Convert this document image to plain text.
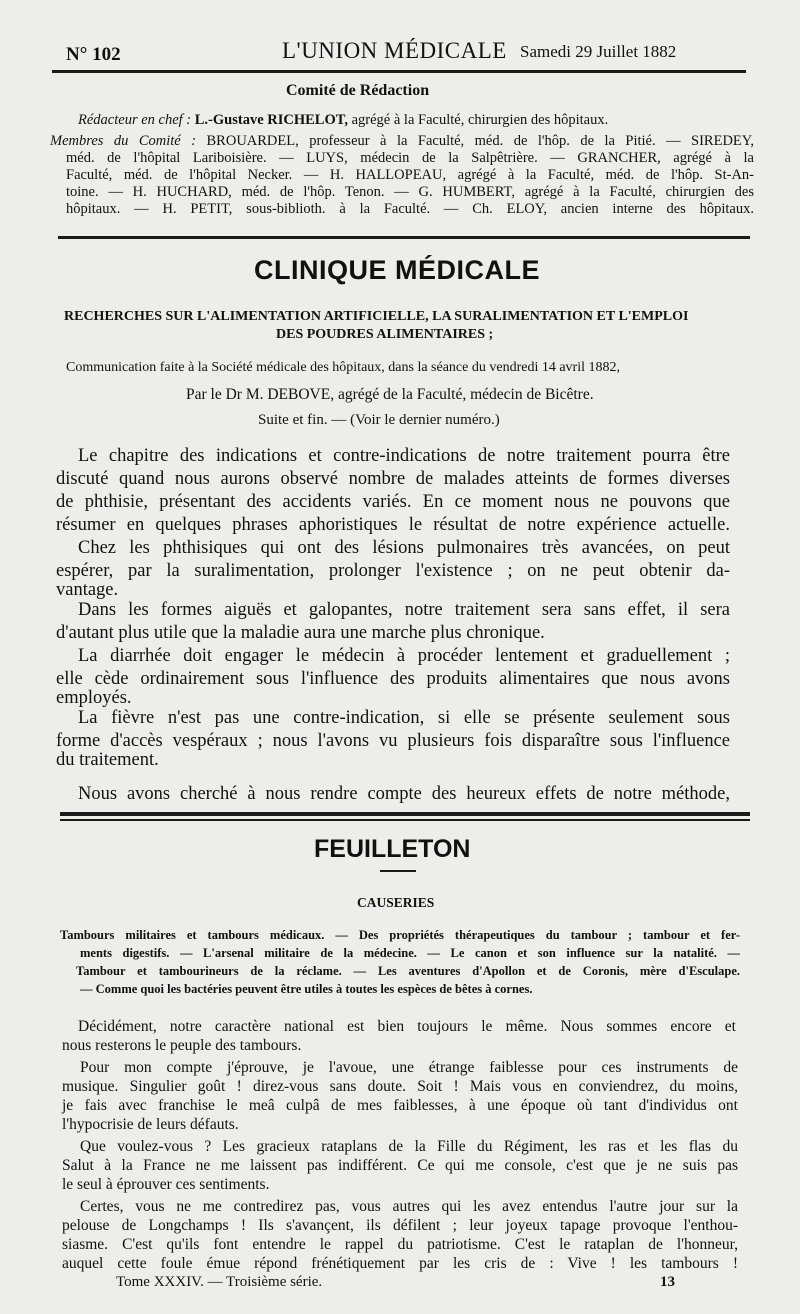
N° 102	L'UNION MÉDICALE Samedi 29 Juillet 1882
Comité de Rédaction
Rédacteur en chef : L.-Gustave RICHELOT, agrégé à la Faculté, chirurgien des hôpitaux.
Membres du Comité : BROUARDEL, professeur à la Faculté, méd. de l'hôp. de la Pitié. — SIREDEY,
méd. de l'hôpital Lariboisière. — LUYS, médecin de la Salpêtrière. — GRANCHER, agrégé à la
Faculté, méd. de l'hôpital Necker. — H. HALLOPEAU, agrégé à la Faculté, méd. de l'hôp. St-An-
toine. — H. HUCHARD, méd. de l'hôp. Tenon. — G. HUMBERT, agrégé à la Faculté, chirurgien des
hôpitaux. — H. PETIT, sous-biblioth. à la Faculté. — Ch. ELOY, ancien interne des hôpitaux.
CLINIQUE MÉDICALE
RECHERCHES SUR L'ALIMENTATION ARTIFICIELLE, LA SURALIMENTATION ET L'EMPLOI
DES POUDRES ALIMENTAIRES ;
Communication faite à la Société médicale des hôpitaux, dans la séance du vendredi 14 avril 1882,
Par le Dr M. DEBOVE, agrégé de la Faculté, médecin de Bicêtre.
Suite et fin. — (Voir le dernier numéro.)
Le chapitre des indications et contre-indications de notre traitement pourra être
discuté quand nous aurons observé nombre de malades atteints de formes diverses
de phthisie, présentant des accidents variés. En ce moment nous ne pouvons que
résumer en quelques phrases aphoristiques le résultat de notre expérience actuelle.
Chez les phthisiques qui ont des lésions pulmonaires très avancées, on peut
espérer, par la suralimentation, prolonger l'existence ; on ne peut obtenir da-
vantage.
Dans les formes aiguës et galopantes, notre traitement sera sans effet, il sera
d'autant plus utile que la maladie aura une marche plus chronique.
La diarrhée doit engager le médecin à procéder lentement et graduellement ;
elle cède ordinairement sous l'influence des produits alimentaires que nous avons
employés.
La fièvre n'est pas une contre-indication, si elle se présente seulement sous
forme d'accès vespéraux ; nous l'avons vu plusieurs fois disparaître sous l'influence
du traitement.
Nous avons cherché à nous rendre compte des heureux effets de notre méthode,
FEUILLETON
CAUSERIES
Tambours militaires et tambours médicaux. — Des propriétés thérapeutiques du tambour ; tambour et fer-
ments digestifs. — L'arsenal militaire de la médecine. — Le canon et son influence sur la natalité. —
Tambour et tambourineurs de la réclame. — Les aventures d'Apollon et de Coronis, mère d'Esculape.
— Comme quoi les bactéries peuvent être utiles à toutes les espèces de bêtes à cornes.
Décidément, notre caractère national est bien toujours le même. Nous sommes encore et
nous resterons le peuple des tambours.
Pour mon compte j'éprouve, je l'avoue, une étrange faiblesse pour ces instruments de
musique. Singulier goût ! direz-vous sans doute. Soit ! Mais vous en conviendrez, du moins,
je fais avec franchise le meâ culpâ de mes faiblesses, à une époque où tant d'individus ont
l'hypocrisie de leurs défauts.
Que voulez-vous ? Les gracieux rataplans de la Fille du Régiment, les ras et les flas du
Salut à la France ne me laissent pas indifférent. Ce qui me console, c'est que je ne suis pas
le seul à éprouver ces sentiments.
Certes, vous ne me contredirez pas, vous autres qui les avez entendus l'autre jour sur la
pelouse de Longchamps ! Ils s'avançent, ils défilent ; leur joyeux tapage provoque l'enthou-
siasme. C'est qu'ils font entendre le rappel du patriotisme. C'est le rataplan de l'honneur,
auquel cette foule émue répond frénétiquement par les cris de : Vive ! les tambours !
Tome XXXIV. — Troisième série.	13
